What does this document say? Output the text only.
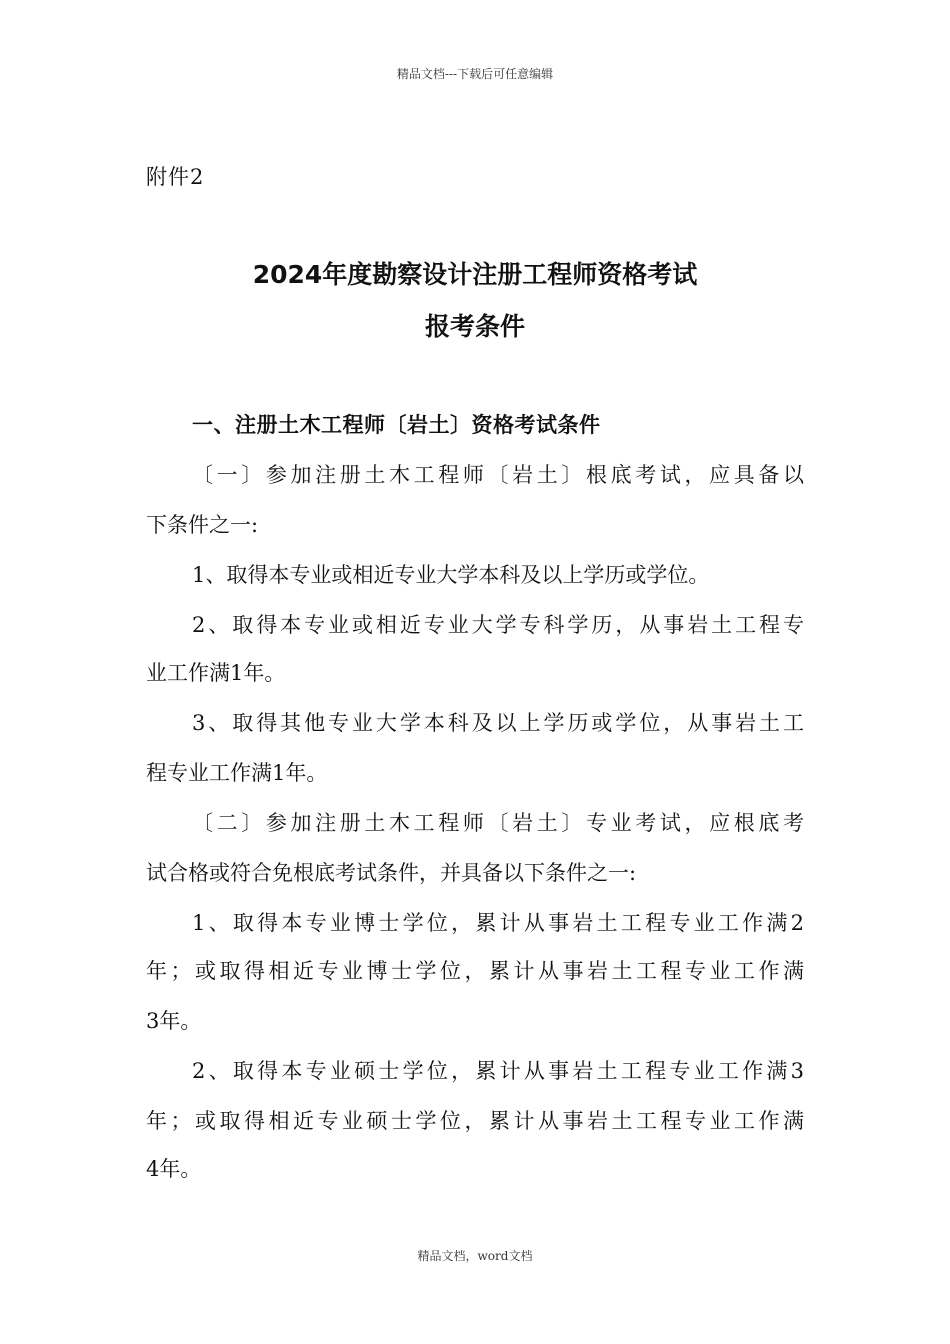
精品文档---下载后可任意编辑
附件2
2024年度勘察设计注册工程师资格考试
报考条件
一、注册土木工程师〔岩土〕资格考试条件
〔一〕参加注册土木工程师〔岩土〕根底考试，应具备以
下条件之一:
1、取得本专业或相近专业大学本科及以上学历或学位。
2、取得本专业或相近专业大学专科学历，从事岩土工程专
业工作满1年。
3、取得其他专业大学本科及以上学历或学位，从事岩土工
程专业工作满1年。
〔二〕参加注册土木工程师〔岩土〕专业考试，应根底考
试合格或符合免根底考试条件，并具备以下条件之一:
1、取得本专业博士学位，累计从事岩土工程专业工作满2
年；或取得相近专业博士学位，累计从事岩土工程专业工作满
3年。
2、取得本专业硕士学位，累计从事岩土工程专业工作满3
年；或取得相近专业硕士学位，累计从事岩土工程专业工作满
4年。
精品文档，word文档
